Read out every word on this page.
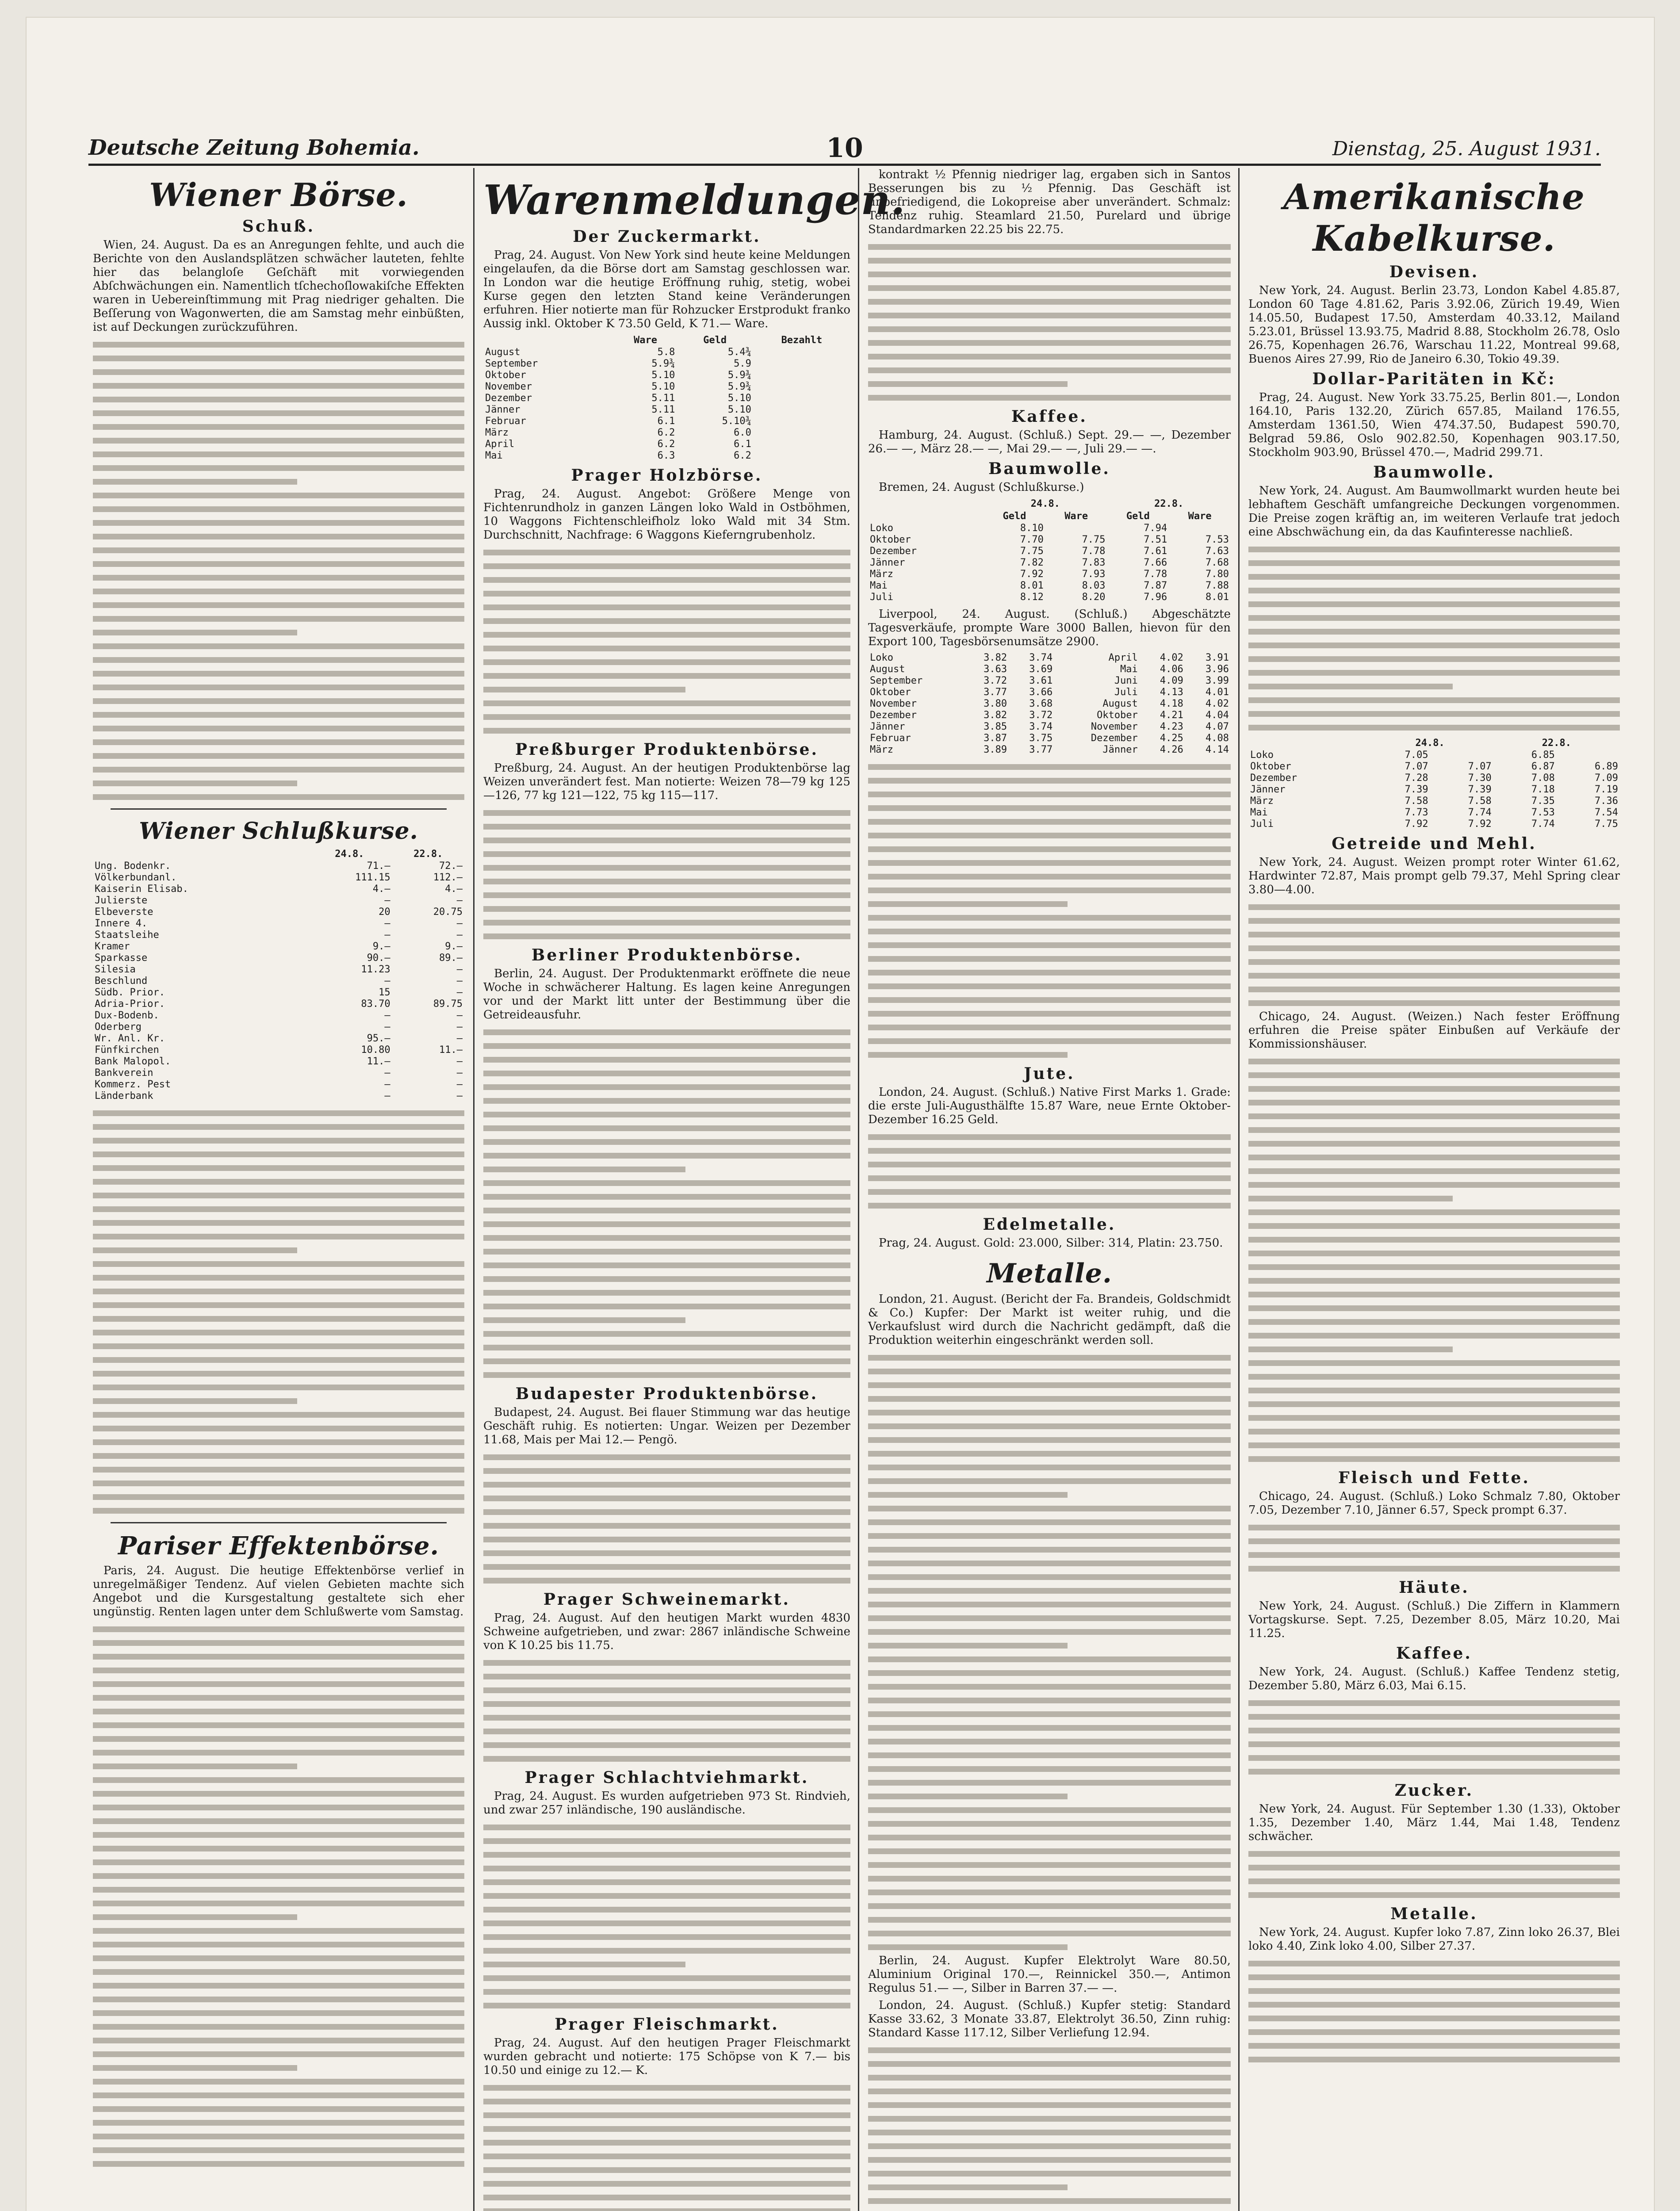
Deutsche Zeitung Bohemia.	10	Dienstag, 25. August 1931.
Wiener Börse.
Schuß.

Wien, 24. August. Da es an Anregungen fehlte, und auch die Berichte von den Auslandsplätzen schwächer lauteten, fehlte hier das belangloſe Geſchäft mit vorwiegenden Abſchwächungen ein. Namentlich tſchechoſlowakiſche Effekten waren in Uebereinſtimmung mit Prag niedriger gehalten. Die Beſſerung von Wagonwerten, die am Samstag mehr einbüßten, ist auf Deckungen zurückzuführen.

Wiener Schlußkurse.
	24.8.	22.8.
Ung. Bodenkr.	71.—	72.—
Völkerbundanl.	111.15	112.—
Kaiserin Elisab.	4.—	4.—
Julierste	—	—
Elbeverste	20	20.75
Innere 4.	—	—
Staatsleihe	—	—
Kramer	9.—	9.—
Sparkasse	90.—	89.—
Silesia	11.23	—
Beschlund	—	—
Südb. Prior.	15	—
Adria-Prior.	83.70	89.75
Dux-Bodenb.	—	—
Oderberg	—	—
Wr. Anl. Kr.	95.—	—
Fünfkirchen	10.80	11.—
Bank Malopol.	11.—	—
Bankverein	—	—
Kommerz. Pest	—	—
Länderbank	—	—
Pariser Effektenbörse.

Paris, 24. August. Die heutige Effektenbörse verlief in unregelmäßiger Tendenz. Auf vielen Gebieten machte sich Angebot und die Kursgestaltung gestaltete sich eher ungünstig. Renten lagen unter dem Schlußwerte vom Samstag.

Warenmeldungen.
Der Zuckermarkt.

Prag, 24. August. Von New York sind heute keine Meldungen eingelaufen, da die Börse dort am Samstag geschlossen war. In London war die heutige Eröffnung ruhig, stetig, wobei Kurse gegen den letzten Stand keine Veränderungen erfuhren. Hier notierte man für Rohzucker Erstprodukt franko Aussig inkl. Oktober K 73.50 Geld, K 71.— Ware.

	Ware	Geld	Bezahlt
August	5.8	5.4¾	
September	5.9¾	5.9	
Oktober	5.10	5.9¾	
November	5.10	5.9¾	
Dezember	5.11	5.10	
Jänner	5.11	5.10	
Februar	6.1	5.10¾	
März	6.2	6.0	
April	6.2	6.1	
Mai	6.3	6.2	
Prager Holzbörse.

Prag, 24. August. Angebot: Größere Menge von Fichtenrundholz in ganzen Längen loko Wald in Ostböhmen, 10 Waggons Fichtenschleifholz loko Wald mit 34 Stm. Durchschnitt, Nachfrage: 6 Waggons Kieferngrubenholz.

Preßburger Produktenbörse.

Preßburg, 24. August. An der heutigen Produktenbörse lag Weizen unverändert fest. Man notierte: Weizen 78—79 kg 125—126, 77 kg 121—122, 75 kg 115—117.

Berliner Produktenbörse.

Berlin, 24. August. Der Produktenmarkt eröffnete die neue Woche in schwächerer Haltung. Es lagen keine Anregungen vor und der Markt litt unter der Bestimmung über die Getreideausfuhr.

Budapester Produktenbörse.

Budapest, 24. August. Bei flauer Stimmung war das heutige Geschäft ruhig. Es notierten: Ungar. Weizen per Dezember 11.68, Mais per Mai 12.— Pengö.

Prager Schweinemarkt.

Prag, 24. August. Auf den heutigen Markt wurden 4830 Schweine aufgetrieben, und zwar: 2867 inländische Schweine von K 10.25 bis 11.75.

Prager Schlachtviehmarkt.

Prag, 24. August. Es wurden aufgetrieben 973 St. Rindvieh, und zwar 257 inländische, 190 ausländische.

Prager Fleischmarkt.

Prag, 24. August. Auf den heutigen Prager Fleischmarkt wurden gebracht und notierte: 175 Schöpse von K 7.— bis 10.50 und einige zu 12.— K.

kontrakt ½ Pfennig niedriger lag, ergaben sich in Santos Besserungen bis zu ½ Pfennig. Das Geschäft ist unbefriedigend, die Lokopreise aber unverändert. Schmalz: Tendenz ruhig. Steamlard 21.50, Purelard und übrige Standardmarken 22.25 bis 22.75.

Kaffee.

Hamburg, 24. August. (Schluß.) Sept. 29.— —, Dezember 26.— —, März 28.— —, Mai 29.— —, Juli 29.— —.

Baumwolle.

Bremen, 24. August (Schlußkurse.)

	24.8.		22.8.	
	Geld	Ware	Geld	Ware
Loko	8.10		7.94	
Oktober	7.70	7.75	7.51	7.53
Dezember	7.75	7.78	7.61	7.63
Jänner	7.82	7.83	7.66	7.68
März	7.92	7.93	7.78	7.80
Mai	8.01	8.03	7.87	7.88
Juli	8.12	8.20	7.96	8.01

Liverpool, 24. August. (Schluß.) Abgeschätzte Tagesverkäufe, prompte Ware 3000 Ballen, hievon für den Export 100, Tagesbörsenumsätze 2900.

Loko	3.82	3.74	April	4.02	3.91
August	3.63	3.69	Mai	4.06	3.96
September	3.72	3.61	Juni	4.09	3.99
Oktober	3.77	3.66	Juli	4.13	4.01
November	3.80	3.68	August	4.18	4.02
Dezember	3.82	3.72	Oktober	4.21	4.04
Jänner	3.85	3.74	November	4.23	4.07
Februar	3.87	3.75	Dezember	4.25	4.08
März	3.89	3.77	Jänner	4.26	4.14
Jute.

London, 24. August. (Schluß.) Native First Marks 1. Grade: die erste Juli-Augusthälfte 15.87 Ware, neue Ernte Oktober-Dezember 16.25 Geld.

Edelmetalle.

Prag, 24. August. Gold: 23.000, Silber: 314, Platin: 23.750.

Metalle.

London, 21. August. (Bericht der Fa. Brandeis, Goldschmidt & Co.) Kupfer: Der Markt ist weiter ruhig, und die Verkaufslust wird durch die Nachricht gedämpft, daß die Produktion weiterhin eingeschränkt werden soll.

Berlin, 24. August. Kupfer Elektrolyt Ware 80.50, Aluminium Original 170.—, Reinnickel 350.—, Antimon Regulus 51.— —, Silber in Barren 37.— —.

London, 24. August. (Schluß.) Kupfer stetig: Standard Kasse 33.62, 3 Monate 33.87, Elektrolyt 36.50, Zinn ruhig: Standard Kasse 117.12, Silber Verliefung 12.94.

Amerikanische Kabelkurse.
Devisen.

New York, 24. August. Berlin 23.73, London Kabel 4.85.87, London 60 Tage 4.81.62, Paris 3.92.06, Zürich 19.49, Wien 14.05.50, Budapest 17.50, Amsterdam 40.33.12, Mailand 5.23.01, Brüssel 13.93.75, Madrid 8.88, Stockholm 26.78, Oslo 26.75, Kopenhagen 26.76, Warschau 11.22, Montreal 99.68, Buenos Aires 27.99, Rio de Janeiro 6.30, Tokio 49.39.

Dollar-Paritäten in Kč:

Prag, 24. August. New York 33.75.25, Berlin 801.—, London 164.10, Paris 132.20, Zürich 657.85, Mailand 176.55, Amsterdam 1361.50, Wien 474.37.50, Budapest 590.70, Belgrad 59.86, Oslo 902.82.50, Kopenhagen 903.17.50, Stockholm 903.90, Brüssel 470.—, Madrid 299.71.

Baumwolle.

New York, 24. August. Am Baumwollmarkt wurden heute bei lebhaftem Geschäft umfangreiche Deckungen vorgenommen. Die Preise zogen kräftig an, im weiteren Verlaufe trat jedoch eine Abschwächung ein, da das Kaufinteresse nachließ.

	24.8.		22.8.	
Loko	7.05		6.85	
Oktober	7.07	7.07	6.87	6.89
Dezember	7.28	7.30	7.08	7.09
Jänner	7.39	7.39	7.18	7.19
März	7.58	7.58	7.35	7.36
Mai	7.73	7.74	7.53	7.54
Juli	7.92	7.92	7.74	7.75
Getreide und Mehl.

New York, 24. August. Weizen prompt roter Winter 61.62, Hardwinter 72.87, Mais prompt gelb 79.37, Mehl Spring clear 3.80—4.00.

Chicago, 24. August. (Weizen.) Nach fester Eröffnung erfuhren die Preise später Einbußen auf Verkäufe der Kommissionshäuser.

Fleisch und Fette.

Chicago, 24. August. (Schluß.) Loko Schmalz 7.80, Oktober 7.05, Dezember 7.10, Jänner 6.57, Speck prompt 6.37.

Häute.

New York, 24. August. (Schluß.) Die Ziffern in Klammern Vortagskurse. Sept. 7.25, Dezember 8.05, März 10.20, Mai 11.25.

Kaffee.

New York, 24. August. (Schluß.) Kaffee Tendenz stetig, Dezember 5.80, März 6.03, Mai 6.15.

Zucker.

New York, 24. August. Für September 1.30 (1.33), Oktober 1.35, Dezember 1.40, März 1.44, Mai 1.48, Tendenz schwächer.

Metalle.

New York, 24. August. Kupfer loko 7.87, Zinn loko 26.37, Blei loko 4.40, Zink loko 4.00, Silber 27.37.
